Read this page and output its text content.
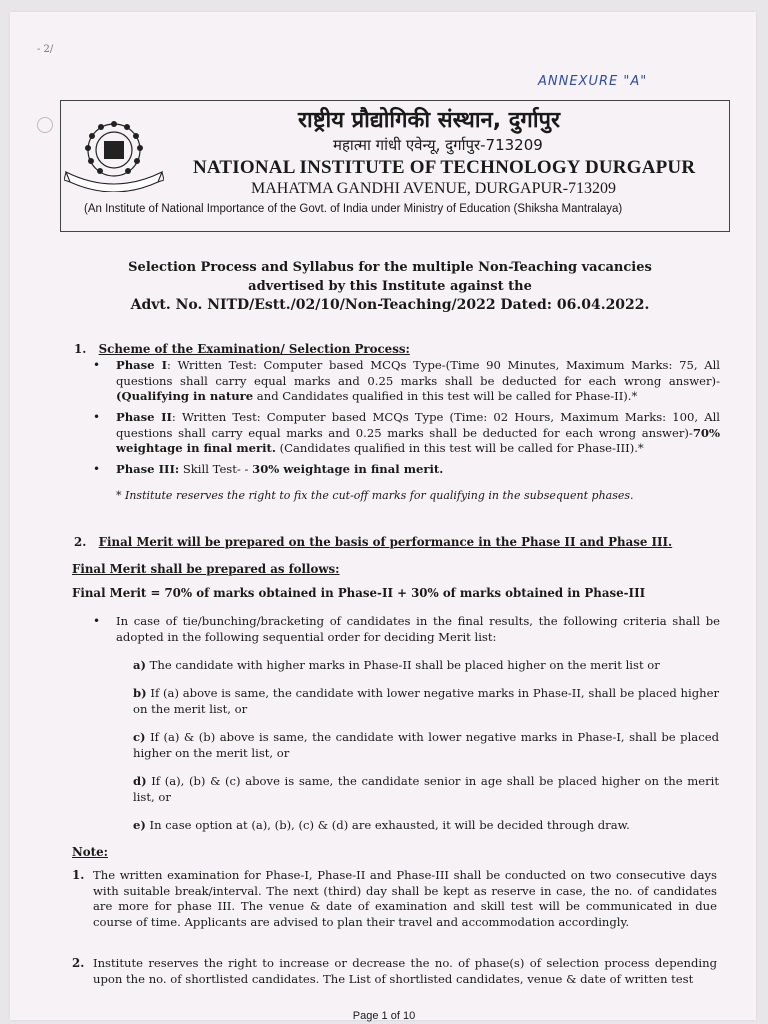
- 2/
ANNEXURE "A"
राष्ट्रीय प्रौद्योगिकी संस्थान, दुर्गापुर
महात्मा गांधी एवेन्यू, दुर्गापुर-713209
NATIONAL INSTITUTE OF TECHNOLOGY DURGAPUR
MAHATMA GANDHI AVENUE, DURGAPUR-713209
(An Institute of National Importance of the Govt. of India under Ministry of Education (Shiksha Mantralaya)
Selection Process and Syllabus for the multiple Non-Teaching vacancies
advertised by this Institute against the
Advt. No. NITD/Estt./02/10/Non-Teaching/2022 Dated: 06.04.2022.
1. Scheme of the Examination/ Selection Process:
• Phase I: Written Test: Computer based MCQs Type-(Time 90 Minutes, Maximum Marks: 75, All questions shall carry equal marks and 0.25 marks shall be deducted for each wrong answer)-(Qualifying in nature and Candidates qualified in this test will be called for Phase-II).*
• Phase II: Written Test: Computer based MCQs Type (Time: 02 Hours, Maximum Marks: 100, All questions shall carry equal marks and 0.25 marks shall be deducted for each wrong answer)-70% weightage in final merit. (Candidates qualified in this test will be called for Phase-III).*
• Phase III: Skill Test- - 30% weightage in final merit.
* Institute reserves the right to fix the cut-off marks for qualifying in the subsequent phases.
2. Final Merit will be prepared on the basis of performance in the Phase II and Phase III.
Final Merit shall be prepared as follows:
Final Merit = 70% of marks obtained in Phase-II + 30% of marks obtained in Phase-III
• In case of tie/bunching/bracketing of candidates in the final results, the following criteria shall be adopted in the following sequential order for deciding Merit list:
a) The candidate with higher marks in Phase-II shall be placed higher on the merit list or
b) If (a) above is same, the candidate with lower negative marks in Phase-II, shall be placed higher on the merit list, or
c) If (a) & (b) above is same, the candidate with lower negative marks in Phase-I, shall be placed higher on the merit list, or
d) If (a), (b) & (c) above is same, the candidate senior in age shall be placed higher on the merit list, or
e) In case option at (a), (b), (c) & (d) are exhausted, it will be decided through draw.
Note:
1. The written examination for Phase-I, Phase-II and Phase-III shall be conducted on two consecutive days with suitable break/interval. The next (third) day shall be kept as reserve in case, the no. of candidates are more for phase III. The venue & date of examination and skill test will be communicated in due course of time. Applicants are advised to plan their travel and accommodation accordingly.
2. Institute reserves the right to increase or decrease the no. of phase(s) of selection process depending upon the no. of shortlisted candidates. The List of shortlisted candidates, venue & date of written test
Page 1 of 10
